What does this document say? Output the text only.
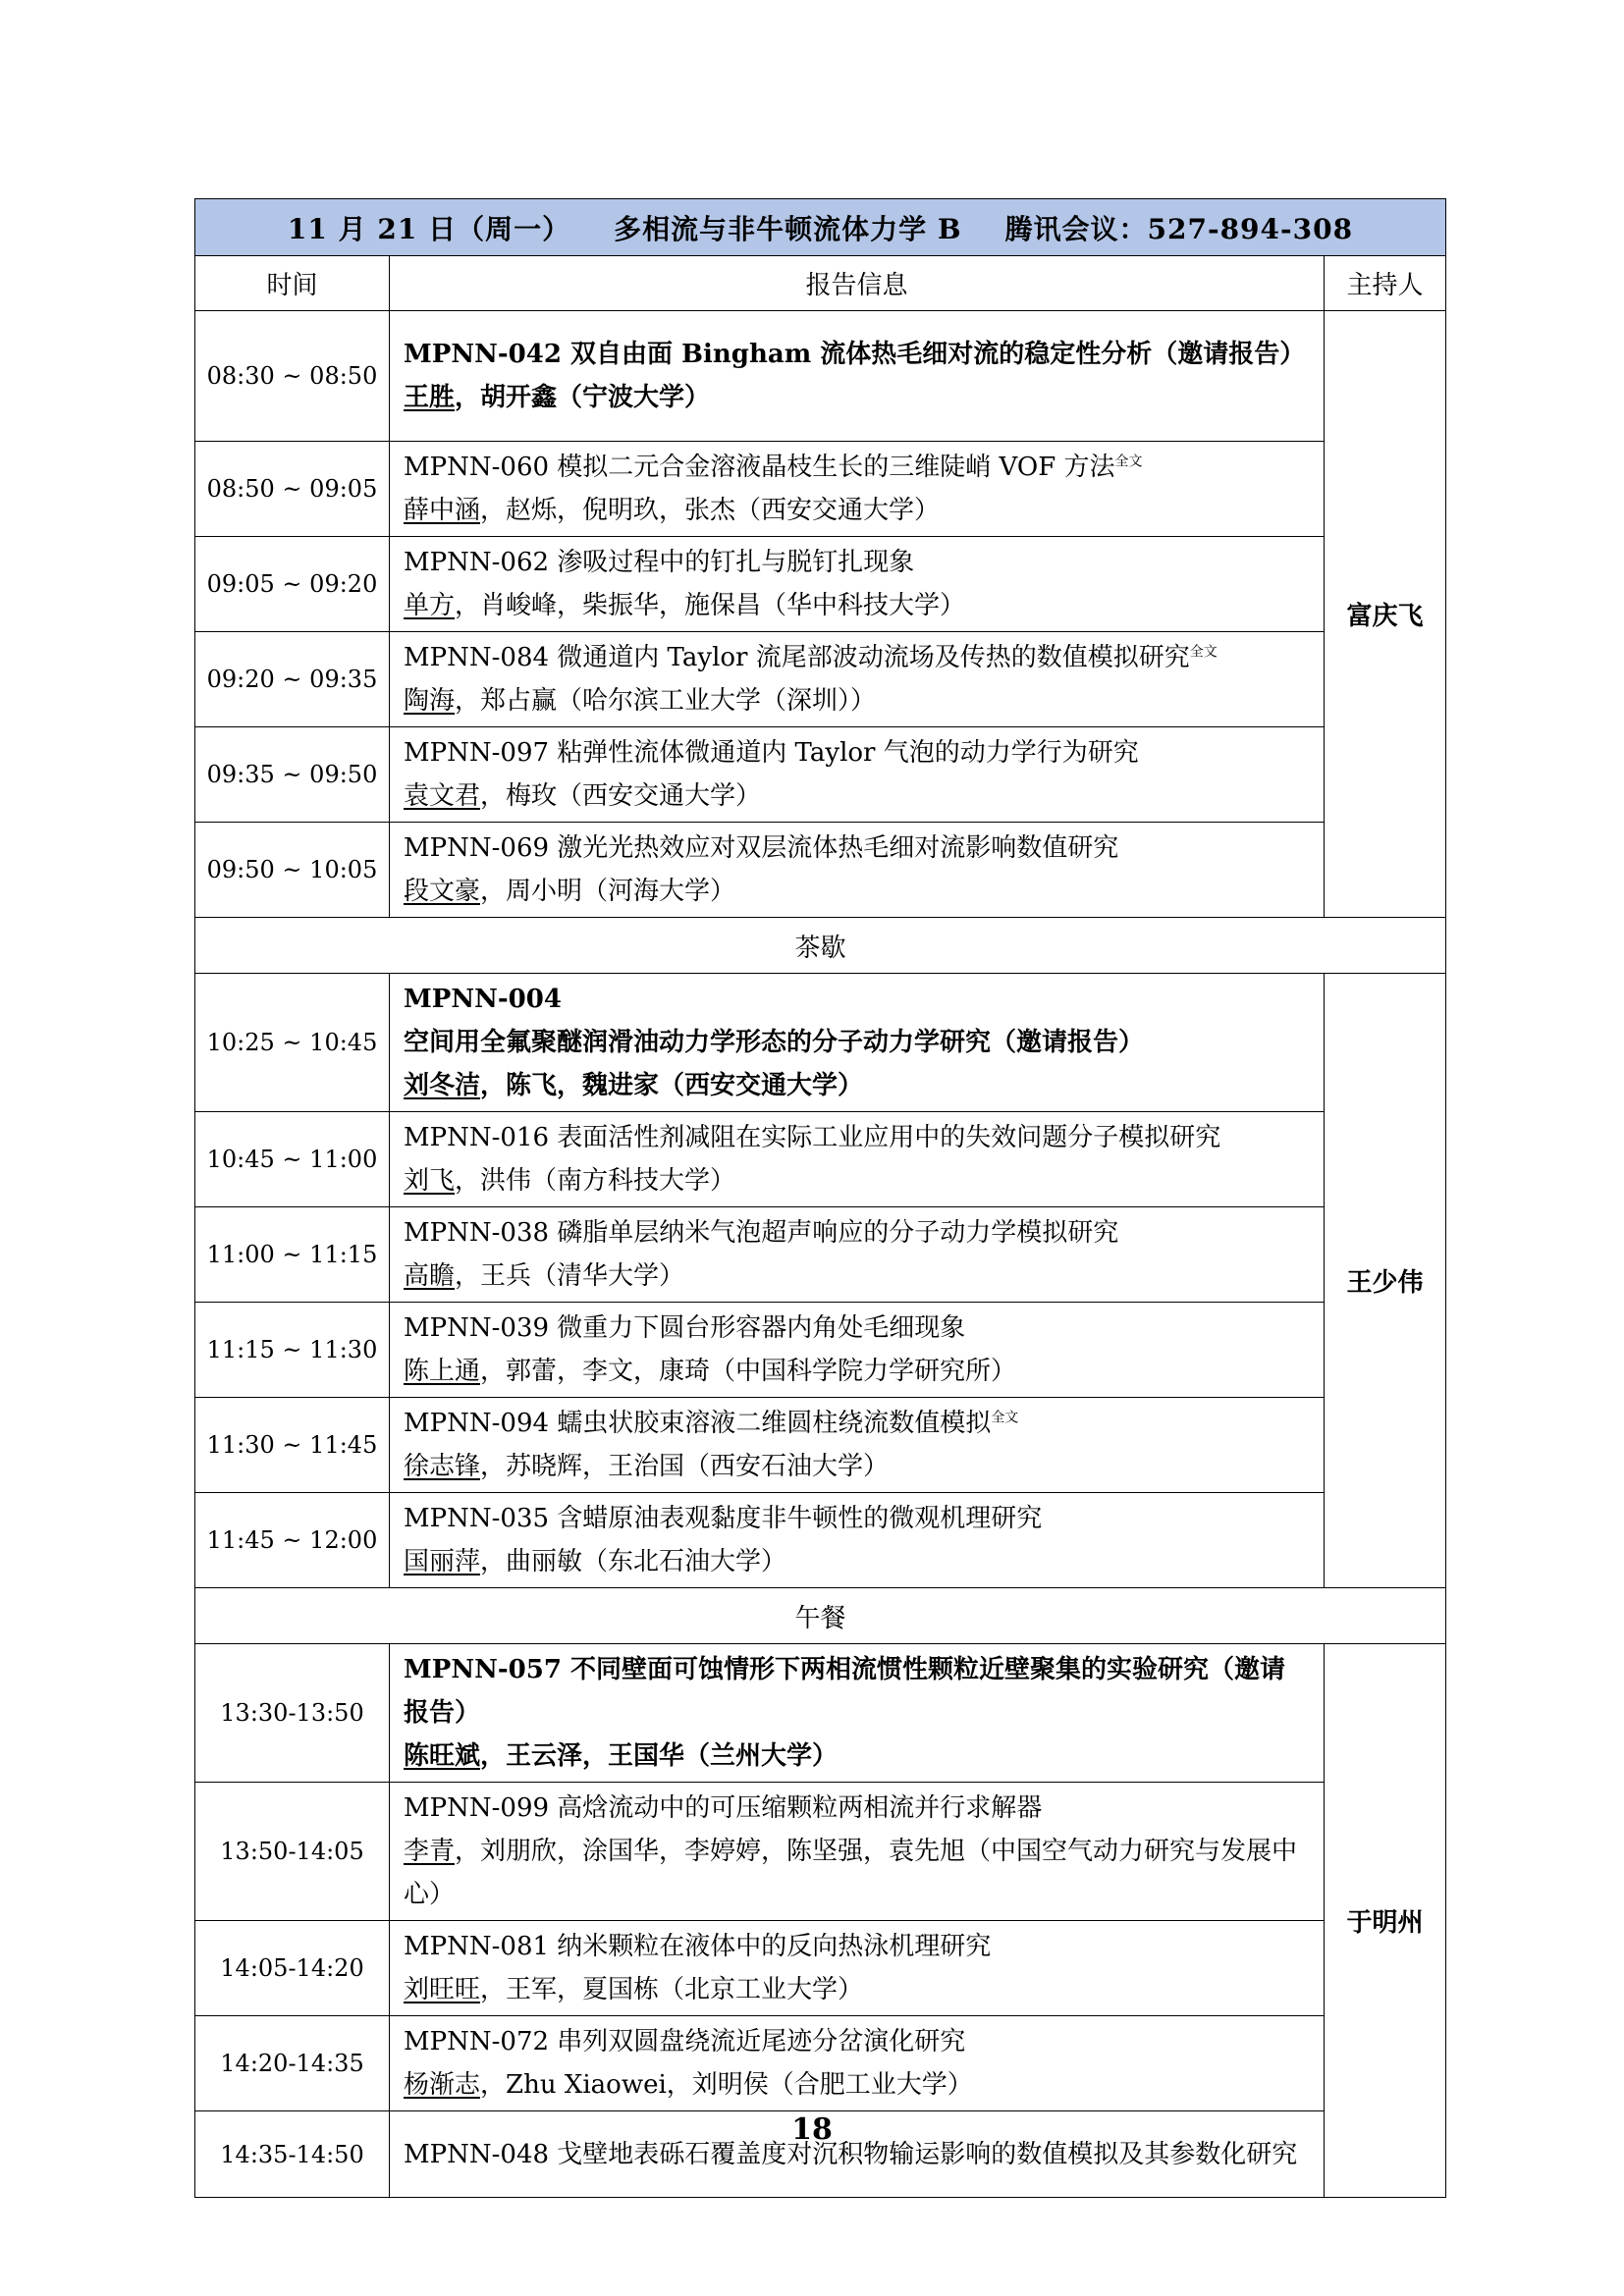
11 月 21 日（周一） 多相流与非牛顿流体力学 B 腾讯会议：527-894-308		
时间	报告信息	主持人
08:30 ~ 08:50	MPNN-042 双自由面 Bingham 流体热毛细对流的稳定性分析（邀请报告）
王胜，胡开鑫（宁波大学）	富庆飞
08:50 ~ 09:05	MPNN-060 模拟二元合金溶液晶枝生长的三维陡峭 VOF 方法$^{全文}$
薛中涵，赵烁，倪明玖，张杰（西安交通大学）	

09:05 ~ 09:20	MPNN-062 渗吸过程中的钉扎与脱钉扎现象
单方，肖峻峰，柴振华，施保昌（华中科技大学）	

09:20 ~ 09:35	MPNN-084 微通道内 Taylor 流尾部波动流场及传热的数值模拟研究$^{全文}$
陶海，郑占赢（哈尔滨工业大学（深圳））	

09:35 ~ 09:50	MPNN-097 粘弹性流体微通道内 Taylor 气泡的动力学行为研究
袁文君，梅玫（西安交通大学）	

09:50 ~ 10:05	MPNN-069 激光光热效应对双层流体热毛细对流影响数值研究
段文豪，周小明（河海大学）	

茶歇		
10:25 ~ 10:45	MPNN-004 空间用全氟聚醚润滑油动力学形态的分子动力学研究（邀请报告）
刘冬洁，陈飞，魏进家（西安交通大学）	王少伟
10:45 ~ 11:00	MPNN-016 表面活性剂减阻在实际工业应用中的失效问题分子模拟研究
刘飞，洪伟（南方科技大学）	

11:00 ~ 11:15	MPNN-038 磷脂单层纳米气泡超声响应的分子动力学模拟研究
高瞻，王兵（清华大学）	

11:15 ~ 11:30	MPNN-039 微重力下圆台形容器内角处毛细现象
陈上通，郭蕾，李文，康琦（中国科学院力学研究所）	

11:30 ~ 11:45	MPNN-094 蠕虫状胶束溶液二维圆柱绕流数值模拟$^{全文}$
徐志锋，苏晓辉，王治国（西安石油大学）	

11:45 ~ 12:00	MPNN-035 含蜡原油表观黏度非牛顿性的微观机理研究
国丽萍，曲丽敏（东北石油大学）	

午餐		
13:30-13:50	MPNN-057 不同壁面可蚀情形下两相流惯性颗粒近壁聚集的实验研究（邀请报告）
陈旺斌，王云泽，王国华（兰州大学）	于明州
13:50-14:05	MPNN-099 高焓流动中的可压缩颗粒两相流并行求解器
李青，刘朋欣，涂国华，李婷婷，陈坚强，袁先旭（中国空气动力研究与发展中心）	

14:05-14:20	MPNN-081 纳米颗粒在液体中的反向热泳机理研究
刘旺旺，王军，夏国栋（北京工业大学）	

14:20-14:35	MPNN-072 串列双圆盘绕流近尾迹分岔演化研究
杨渐志，Zhu Xiaowei，刘明侯（合肥工业大学）	

14:35-14:50	MPNN-048 戈壁地表砾石覆盖度对沉积物输运影响的数值模拟及其参数化研究	
18
